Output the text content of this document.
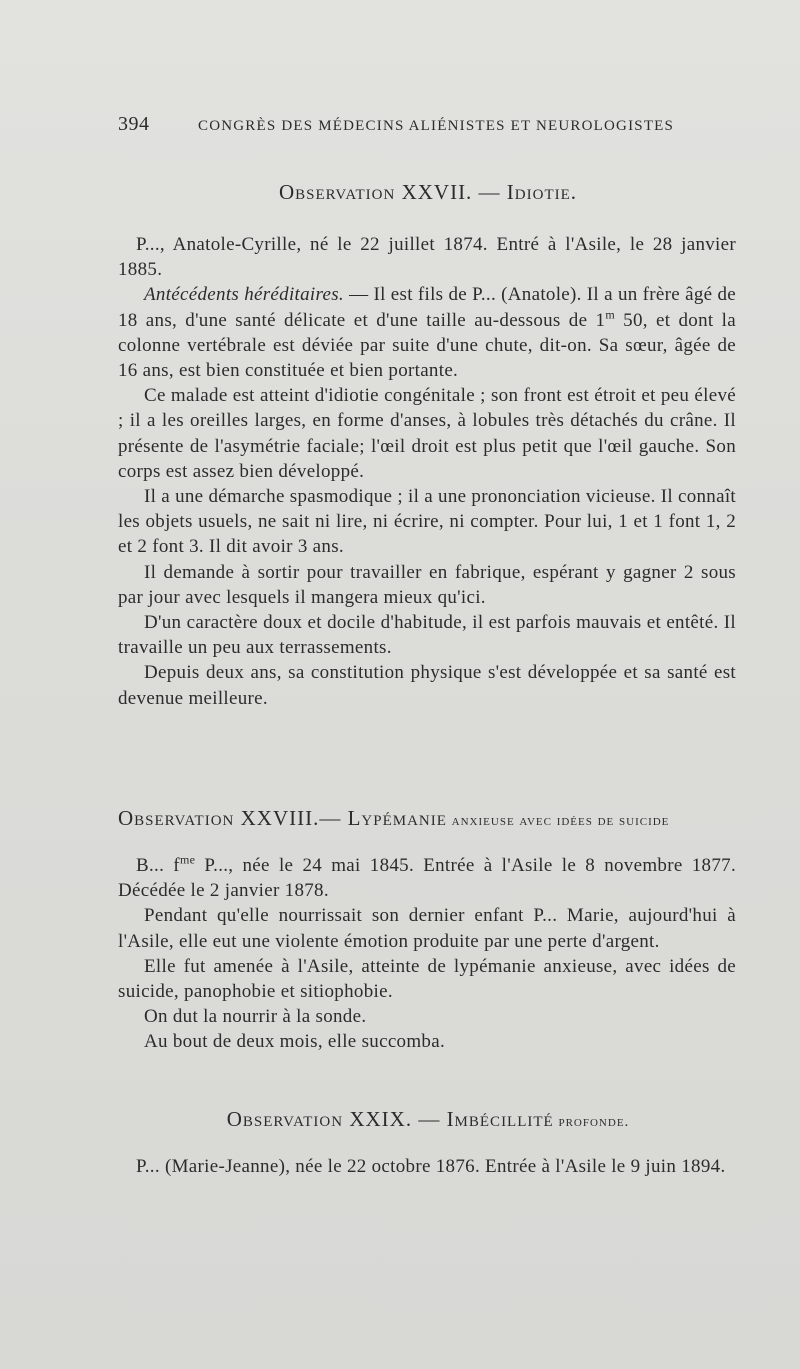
394	CONGRÈS DES MÉDECINS ALIÉNISTES ET NEUROLOGISTES
Observation XXVII. — Idiotie.

P..., Anatole-Cyrille, né le 22 juillet 1874. Entré à l'Asile, le 28 janvier 1885.

Antécédents héréditaires. — Il est fils de P... (Anatole). Il a un frère âgé de 18 ans, d'une santé délicate et d'une taille au-dessous de 1$^m$ 50, et dont la colonne vertébrale est déviée par suite d'une chute, dit-on. Sa sœur, âgée de 16 ans, est bien constituée et bien portante.

Ce malade est atteint d'idiotie congénitale ; son front est étroit et peu élevé ; il a les oreilles larges, en forme d'anses, à lobules très détachés du crâne. Il présente de l'asymétrie faciale; l'œil droit est plus petit que l'œil gauche. Son corps est assez bien développé.

Il a une démarche spasmodique ; il a une prononciation vicieuse. Il connaît les objets usuels, ne sait ni lire, ni écrire, ni compter. Pour lui, 1 et 1 font 1, 2 et 2 font 3. Il dit avoir 3 ans.

Il demande à sortir pour travailler en fabrique, espérant y gagner 2 sous par jour avec lesquels il mangera mieux qu'ici.

D'un caractère doux et docile d'habitude, il est parfois mauvais et entêté. Il travaille un peu aux terrassements.

Depuis deux ans, sa constitution physique s'est développée et sa santé est devenue meilleure.

Observation XXVIII.— Lypémanie anxieuse avec idées de suicide

B... $f^{me}$ P..., née le 24 mai 1845. Entrée à l'Asile le 8 novembre 1877. Décédée le 2 janvier 1878.

Pendant qu'elle nourrissait son dernier enfant P... Marie, aujourd'hui à l'Asile, elle eut une violente émotion produite par une perte d'argent.

Elle fut amenée à l'Asile, atteinte de lypémanie anxieuse, avec idées de suicide, panophobie et sitiophobie.

On dut la nourrir à la sonde.

Au bout de deux mois, elle succomba.

Observation XXIX. — Imbécillité profonde.

P... (Marie-Jeanne), née le 22 octobre 1876. Entrée à l'Asile le 9 juin 1894.
